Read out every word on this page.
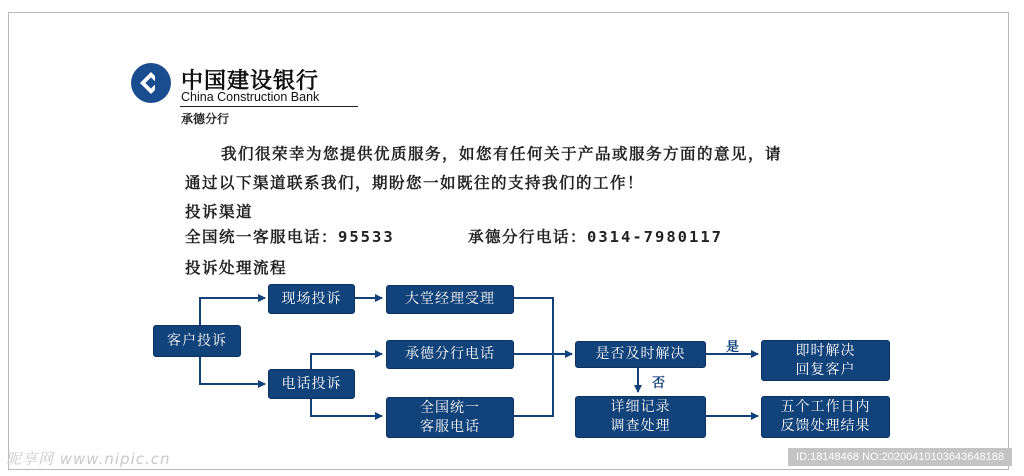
中国建设银行
China Construction Bank
承德分行

我们很荣幸为您提供优质服务，如您有任何关于产品或服务方面的意见，请
通过以下渠道联系我们，期盼您一如既往的支持我们的工作！

投诉渠道
全国统一客服电话：95533	承德分行电话：0314-7980117
投诉处理流程
客户投诉
现场投诉
电话投诉
大堂经理受理
承德分行电话
全国统一
客服电话
是否及时解决
详细记录
调查处理
即时解决
回复客户
五个工作日内
反馈处理结果
是
否
昵享网 www.nipic.cn	ID:18148468 NO:20200410103643648188
